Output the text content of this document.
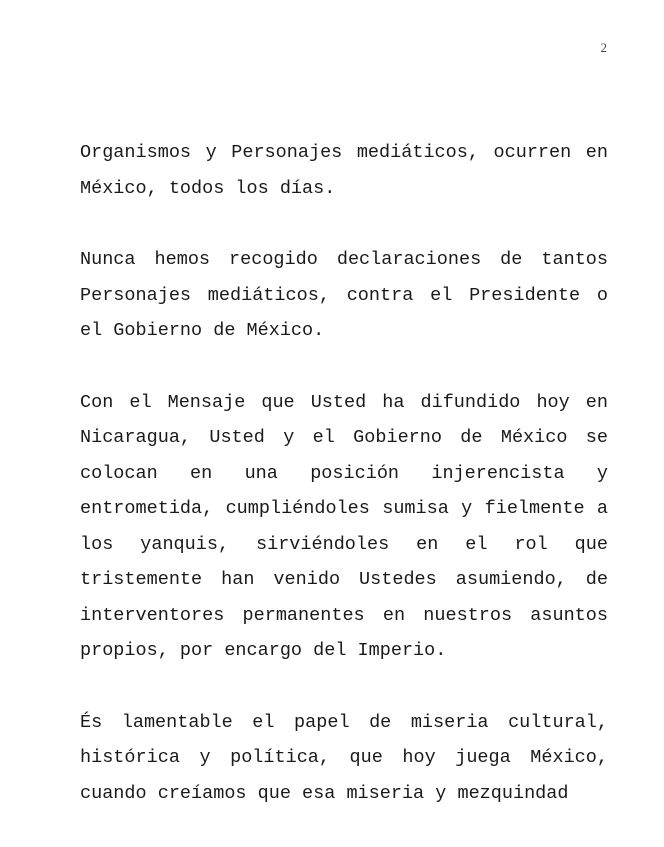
2

Organismos y Personajes mediáticos, ocurren en México, todos los días.

Nunca hemos recogido declaraciones de tantos Personajes mediáticos, contra el Presidente o el Gobierno de México.

Con el Mensaje que Usted ha difundido hoy en Nicaragua, Usted y el Gobierno de México se colocan en una posición injerencista y entrometida, cumpliéndoles sumisa y fielmente a los yanquis, sirviéndoles en el rol que tristemente han venido Ustedes asumiendo, de interventores permanentes en nuestros asuntos propios, por encargo del Imperio.

És lamentable el papel de miseria cultural, histórica y política, que hoy juega México, cuando creíamos que esa miseria y mezquindad
